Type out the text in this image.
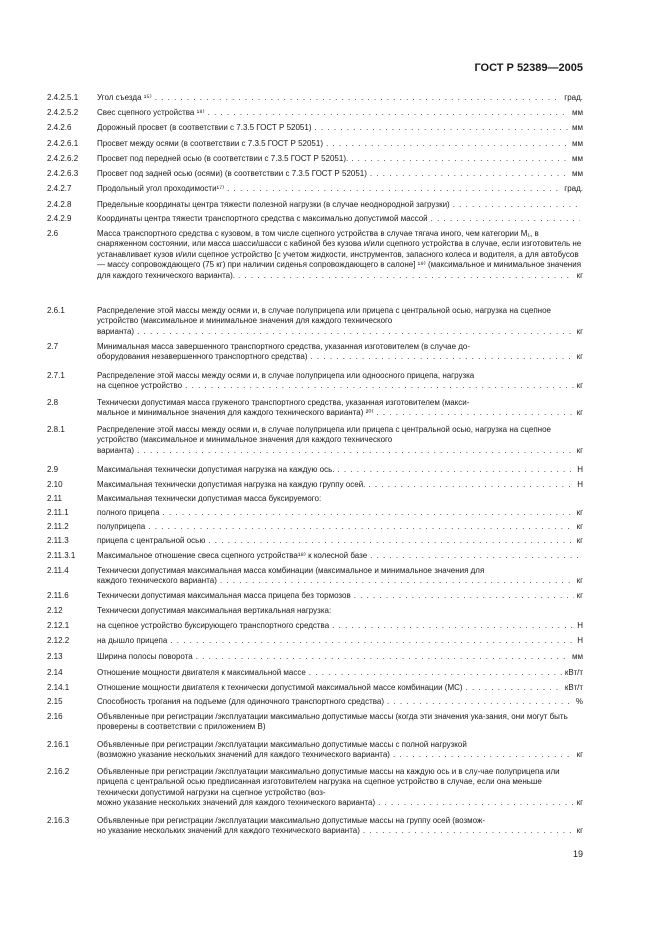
ГОСТ Р 52389—2005
2.4.2.5.1	Угол съезда ¹⁵⁾ . . .	град.
2.4.2.5.2	Свес сцепного устройства ¹⁸⁾ . . .	мм
2.4.2.6	Дорожный просвет (в соответствии с 7.3.5 ГОСТ Р 52051) . . .	мм
2.4.2.6.1	Просвет между осями (в соответствии с 7.3.5 ГОСТ Р 52051) . . .	мм
2.4.2.6.2	Просвет под передней осью (в соответствии с 7.3.5 ГОСТ Р 52051). . . .	мм
2.4.2.6.3	Просвет под задней осью (осями) (в соответствии с 7.3.5 ГОСТ Р 52051) . . .	мм
2.4.2.7	Продольный угол проходимости¹⁷⁾ . . .	град.
2.4.2.8	Предельные координаты центра тяжести полезной нагрузки (в случае неоднородной загрузки)
. . .
2.4.2.9	Координаты центра тяжести транспортного средства с максимально допустимой массой
. . .
2.6	Масса транспортного средства с кузовом, в том числе сцепного устройства в случае тягача иного, чем категории M₁, в снаряженном состоянии, или масса шасси/шасси с кабиной без кузова и/или сцепного устройства в случае, если изготовитель не устанавливает кузов и/или сцепное устройство [с учетом жидкости, инструментов, запасного колеса и водителя, а для автобусов — массу сопровождающего (75 кг) при наличии сиденья сопровождающего в салоне] ¹⁹⁾ (максимальное и минимальное значения
для каждого технического варианта). . . .	кг
2.6.1	Распределение этой массы между осями и, в случае полуприцепа или прицепа с центральной осью, нагрузка на сцепное устройство (максимальное и минимальное значения для каждого технического
варианта) . . .	кг
2.7	Минимальная масса завершенного транспортного средства, указанная изготовителем (в случае до-
оборудования незавершенного транспортного средства) . . .	кг
2.7.1	Распределение этой массы между осями и, в случае полуприцепа или одноосного прицепа, нагрузка
на сцепное устройство . . .	кг
2.8	Технически допустимая масса груженого транспортного средства, указанная изготовителем (макси-
мальное и минимальное значения для каждого технического варианта) ²⁰⁾ . . .	кг
2.8.1	Распределение этой массы между осями и, в случае полуприцепа или прицепа с центральной осью, нагрузка на сцепное устройство (максимальное и минимальное значения для каждого технического
варианта) . . .	кг
2.9	Максимальная технически допустимая нагрузка на каждую ось. . . .	Н
2.10	Максимальная технически допустимая нагрузка на каждую группу осей. . . .	Н
2.11	Максимальная технически допустимая масса буксируемого:
2.11.1	полного прицепа . . .	кг
2.11.2	полуприцепа . . .	кг
2.11.3	прицепа с центральной осью . . .	кг
2.11.3.1	Максимальное отношение свеса сцепного устройства¹⁸⁾ к колесной базе
. . .
2.11.4	Технически допустимая максимальная масса комбинации (максимальное и минимальное значения для
каждого технического варианта) . . .	кг
2.11.6	Технически допустимая максимальная масса прицепа без тормозов . . .	кг
2.12	Технически допустимая максимальная вертикальная нагрузка:
2.12.1	на сцепное устройство буксирующего транспортного средства . . .	Н
2.12.2	на дышло прицепа . . .	Н
2.13	Ширина полосы поворота . . .	мм
2.14	Отношение мощности двигателя к максимальной массе . . .	кВт/т
2.14.1	Отношение мощности двигателя к технически допустимой максимальной массе комбинации (MC) . . .	кВт/т
2.15	Способность трогания на подъеме (для одиночного транспортного средства) . . .	%
2.16	Объявленные при регистрации /эксплуатации максимально допустимые массы (когда эти значения ука-зания, они могут быть проверены в соответствии с приложением В)
2.16.1	Объявленные при регистрации /эксплуатации максимально допустимые массы с полной нагрузкой
(возможно указание нескольких значений для каждого технического варианта) . . .	кг
2.16.2	Объявленные при регистрации /эксплуатации максимально допустимые массы на каждую ось и в слу-чае полуприцепа или прицепа с центральной осью предписанная изготовителем нагрузка на сцепное устройство в случае, если она меньше технически допустимой нагрузки на сцепное устройство (воз-
можно указание нескольких значений для каждого технического варианта) . . .	кг
2.16.3	Объявленные при регистрации /эксплуатации максимально допустимые массы на группу осей (возмож-
но указание нескольких значений для каждого технического варианта) . . .	кг
19
